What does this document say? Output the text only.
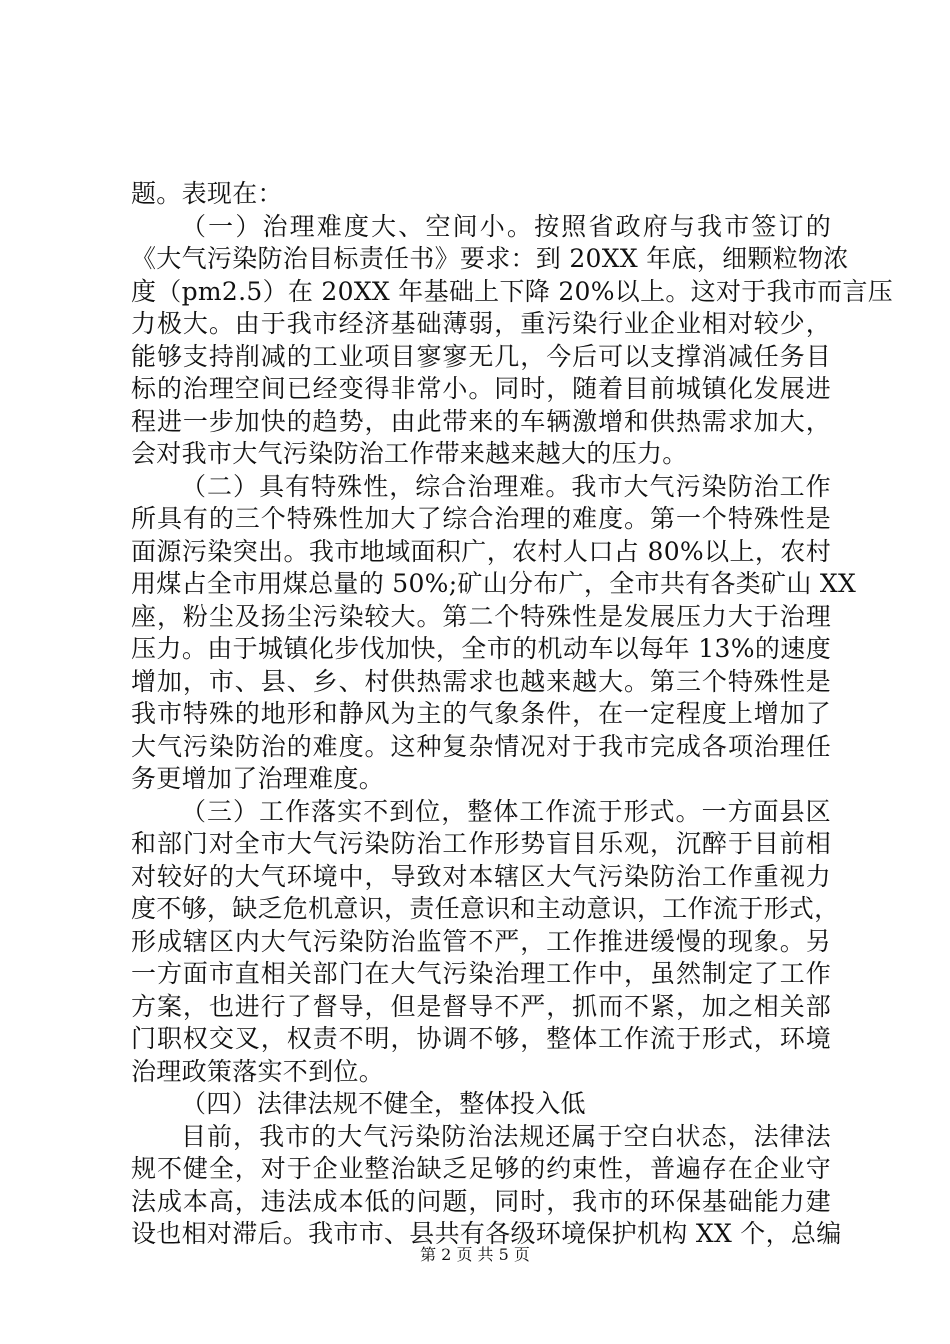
题。表现在：
（一）治理难度大、空间小。按照省政府与我市签订的
《大气污染防治目标责任书》要求：到 20XX 年底，细颗粒物浓
度（pm2.5）在 20XX 年基础上下降 20%以上。这对于我市而言压
力极大。由于我市经济基础薄弱，重污染行业企业相对较少，
能够支持削减的工业项目寥寥无几，今后可以支撑消减任务目
标的治理空间已经变得非常小。同时，随着目前城镇化发展进
程进一步加快的趋势，由此带来的车辆激增和供热需求加大，
会对我市大气污染防治工作带来越来越大的压力。
（二）具有特殊性，综合治理难。我市大气污染防治工作
所具有的三个特殊性加大了综合治理的难度。第一个特殊性是
面源污染突出。我市地域面积广，农村人口占 80%以上，农村
用煤占全市用煤总量的 50%;矿山分布广，全市共有各类矿山 XX
座，粉尘及扬尘污染较大。第二个特殊性是发展压力大于治理
压力。由于城镇化步伐加快，全市的机动车以每年 13%的速度
增加，市、县、乡、村供热需求也越来越大。第三个特殊性是
我市特殊的地形和静风为主的气象条件，在一定程度上增加了
大气污染防治的难度。这种复杂情况对于我市完成各项治理任
务更增加了治理难度。
（三）工作落实不到位，整体工作流于形式。一方面县区
和部门对全市大气污染防治工作形势盲目乐观，沉醉于目前相
对较好的大气环境中，导致对本辖区大气污染防治工作重视力
度不够，缺乏危机意识，责任意识和主动意识，工作流于形式，
形成辖区内大气污染防治监管不严，工作推进缓慢的现象。另
一方面市直相关部门在大气污染治理工作中，虽然制定了工作
方案，也进行了督导，但是督导不严，抓而不紧，加之相关部
门职权交叉，权责不明，协调不够，整体工作流于形式，环境
治理政策落实不到位。
（四）法律法规不健全，整体投入低
目前，我市的大气污染防治法规还属于空白状态，法律法
规不健全，对于企业整治缺乏足够的约束性，普遍存在企业守
法成本高，违法成本低的问题，同时，我市的环保基础能力建
设也相对滞后。我市市、县共有各级环境保护机构 XX 个，总编
第 2 页 共 5 页
